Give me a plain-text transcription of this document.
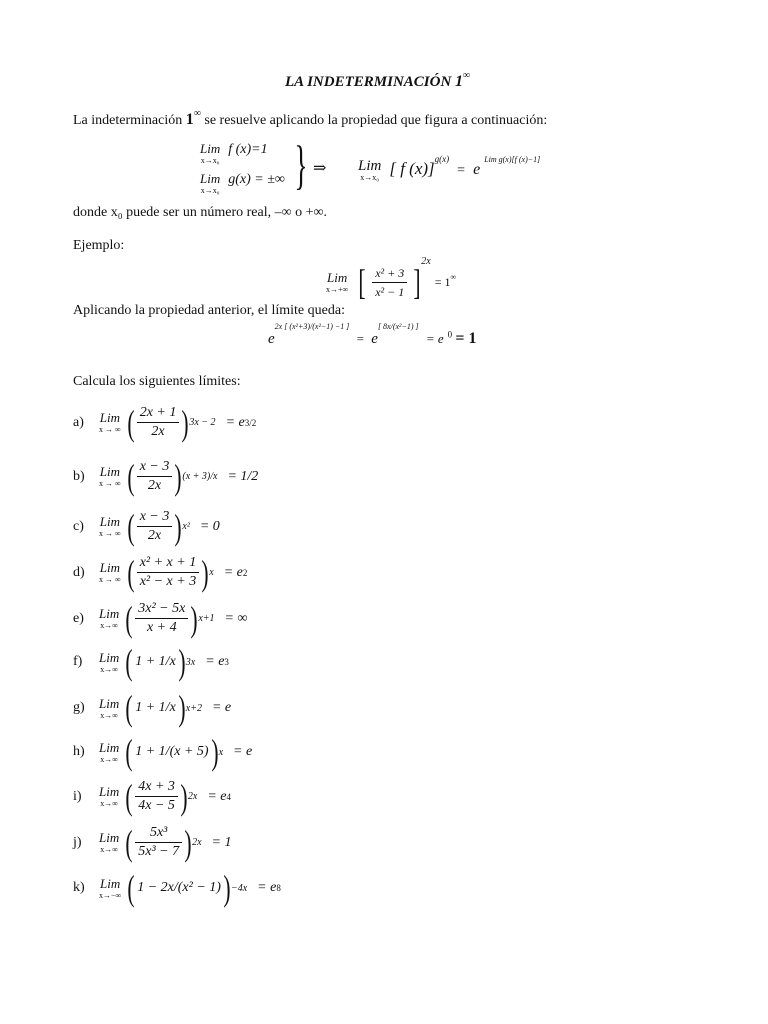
LA INDETERMINACIÓN 1∞
La indeterminación 1∞ se resuelve aplicando la propiedad que figura a continuación:
Lim
x→x₀
f (x)=1
Lim
x→x₀
g(x) = ±∞ } ⇒ Lim
x→x₀ [ f (x)]$^{g(x)}$ = e Lim g(x)[f (x)−1]
donde x₀ puede ser un número real, –∞ o +∞.
Ejemplo:
Lim
x→+∞ [ $\frac{\text{x² + 3}}{\text{x² − 1}} ]2x = 1^\infty$
Aplicando la propiedad anterior, el límite queda:
e2x [ (x²+3)/(x²−1) −1 ] = e[ 8x/(x²−1) ] = e $^0$ = 1
Calcula los siguientes límites:
a)	Lim
x → ∞ ( $\frac{2x + 1}{2x}$ ) 3x − 2 = e 3/2
b)	Lim
x → ∞ ( $\frac{x - 3}{2x}$ ) (x + 3)/x = 1/2
c)	Lim
x → ∞ ( $\frac{x - 3}{2x}$ ) x² = 0
d)	Lim
x → ∞ ( $\frac{\text{x² + x + 1}}{\text{x² − x + 3}}$ ) x = e 2
e)	Lim
x→∞ ( $\frac{\text{3x² − 5x}}{x + 4}$ ) x+1 = ∞
f)	Lim
x→∞ ( 1 + 1/x ) 3x = e 3
g)	Lim
x→∞ ( 1 + 1/x ) x+2 = e
h)	Lim
x→∞ ( 1 + 1/(x + 5) ) x = e
i)	Lim
x→∞ ( $\frac{4x + 3}{4x - 5}$ ) 2x = e 4
j)	Lim
x→∞ ( $\frac{\text{5x³}}{\text{5x³ − 7}}$ ) 2x = 1
k)	Lim
x→−∞ ( 1 − 2x/(x² − 1) ) −4x = e 8
